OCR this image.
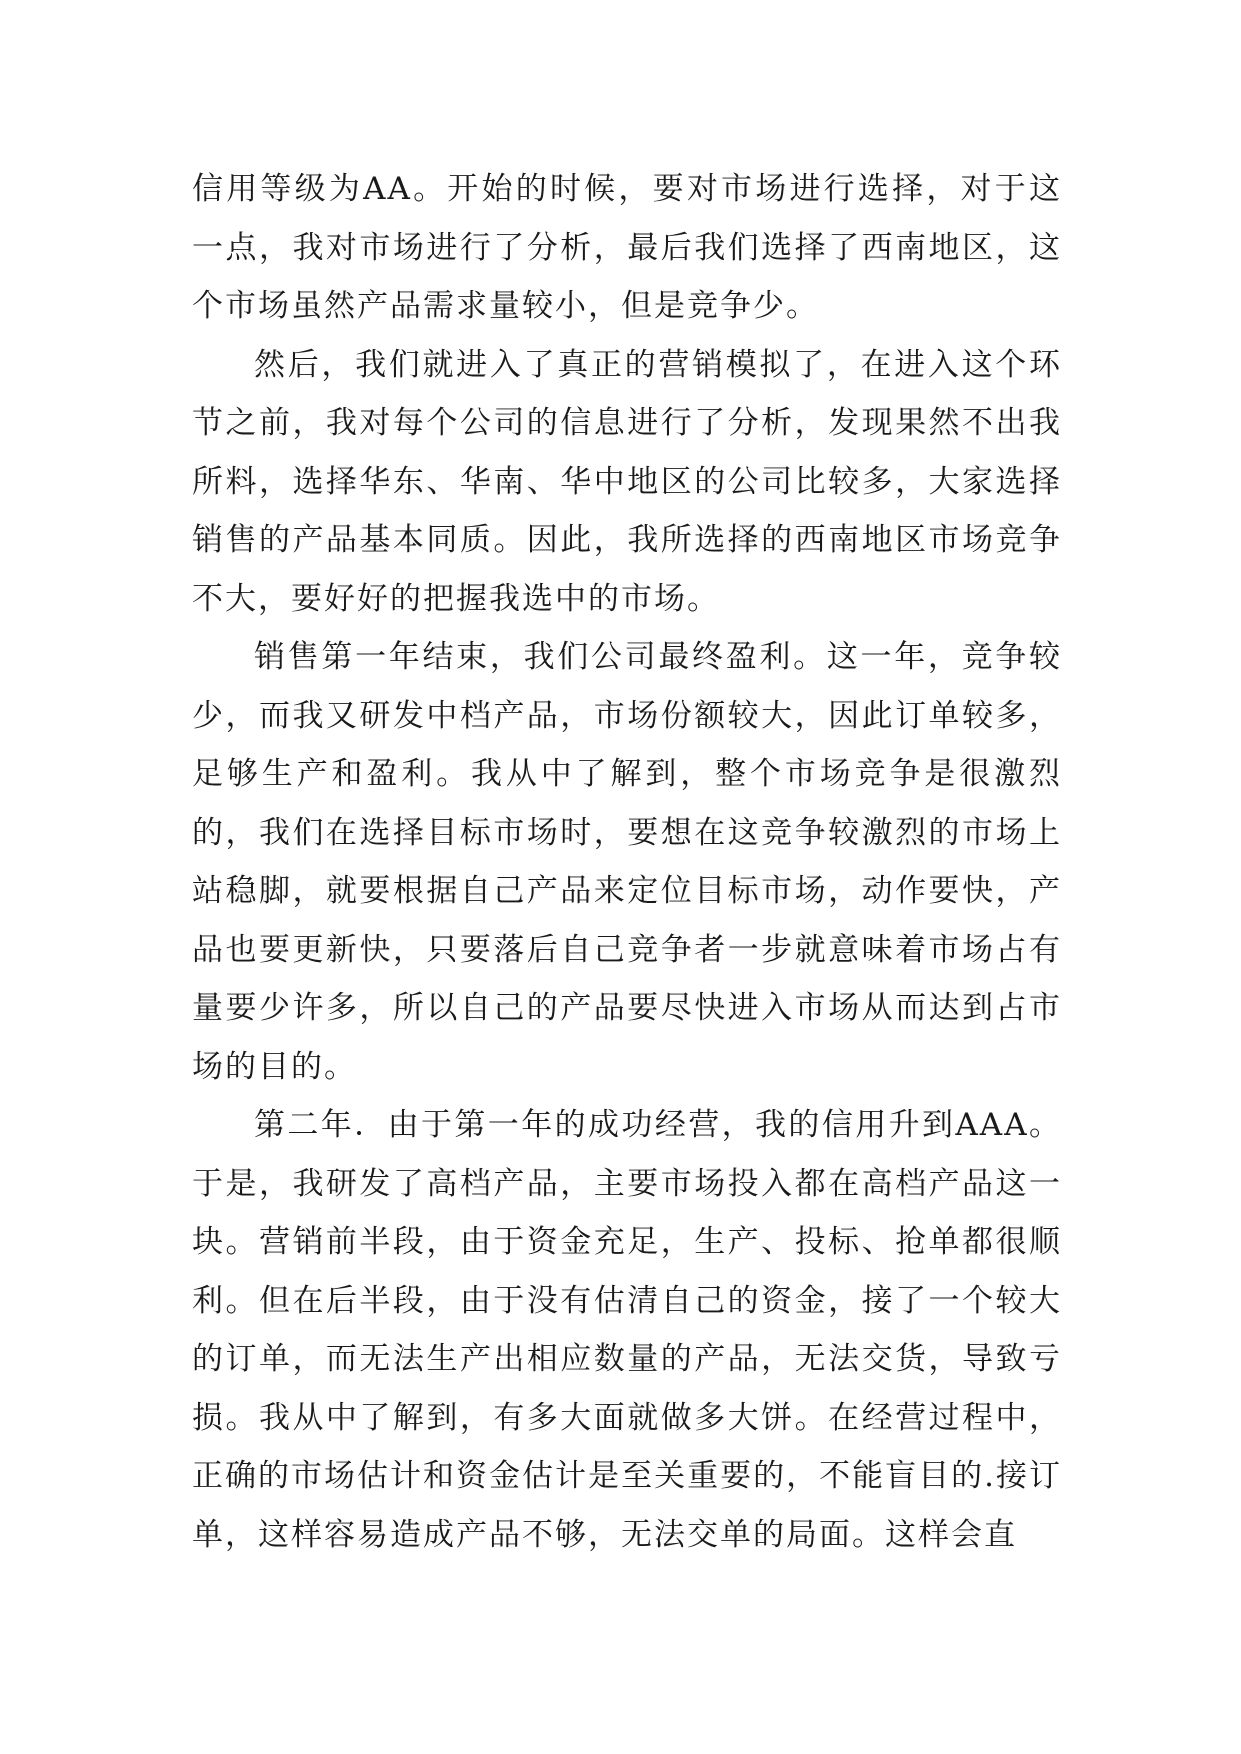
信用等级为AA。开始的时候，要对市场进行选择，对于这一点，我对市场进行了分析，最后我们选择了西南地区，这个市场虽然产品需求量较小，但是竞争少。

然后，我们就进入了真正的营销模拟了，在进入这个环节之前，我对每个公司的信息进行了分析，发现果然不出我所料，选择华东、华南、华中地区的公司比较多，大家选择销售的产品基本同质。因此，我所选择的西南地区市场竞争不大，要好好的把握我选中的市场。

销售第一年结束，我们公司最终盈利。这一年，竞争较少，而我又研发中档产品，市场份额较大，因此订单较多，足够生产和盈利。我从中了解到，整个市场竞争是很激烈的，我们在选择目标市场时，要想在这竞争较激烈的市场上站稳脚，就要根据自己产品来定位目标市场，动作要快，产品也要更新快，只要落后自己竞争者一步就意味着市场占有量要少许多，所以自己的产品要尽快进入市场从而达到占市场的目的。

第二年．由于第一年的成功经营，我的信用升到AAA。于是，我研发了高档产品，主要市场投入都在高档产品这一块。营销前半段，由于资金充足，生产、投标、抢单都很顺利。但在后半段，由于没有估清自己的资金，接了一个较大的订单，而无法生产出相应数量的产品，无法交货，导致亏损。我从中了解到，有多大面就做多大饼。在经营过程中，正确的市场估计和资金估计是至关重要的，不能盲目的.接订单，这样容易造成产品不够，无法交单的局面。这样会直
